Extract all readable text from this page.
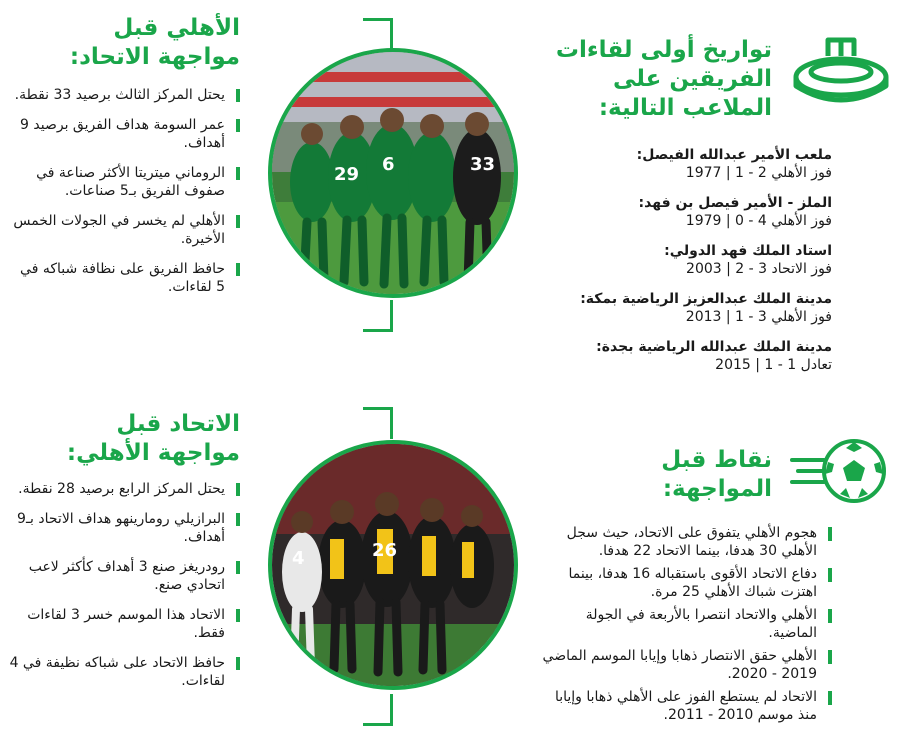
الأهلي قبل
مواجهة الاتحاد:
يحتل المركز الثالث برصيد 33 نقطة.
عمر السومة هداف الفريق برصيد 9 أهداف.
الروماني ميتريتا الأكثر صناعة في صفوف الفريق بـ5 صناعات.
الأهلي لم يخسر في الجولات الخمس الأخيرة.
حافظ الفريق على نظافة شباكه في 5 لقاءات.
6	33
29
تواريخ أولى لقاءات
الفريقين على
الملاعب التالية:
ملعب الأمير عبدالله الفيصل:
فوز الأهلي 2 - 1 | 1977
الملز - الأمير فيصل بن فهد:
فوز الأهلي 4 - 0 | 1979
استاد الملك فهد الدولي:
فوز الاتحاد 3 - 2 | 2003
مدينة الملك عبدالعزيز الرياضية بمكة:
فوز الأهلي 3 - 1 | 2013
مدينة الملك عبدالله الرياضية بجدة:
تعادل 1 - 1 | 2015
الاتحاد قبل
مواجهة الأهلي:
يحتل المركز الرابع برصيد 28 نقطة.
البرازيلي رومارينهو هداف الاتحاد بـ9 أهداف.
رودريغز صنع 3 أهداف كأكثر لاعب اتحادي صنع.
الاتحاد هذا الموسم خسر 3 لقاءات فقط.
حافظ الاتحاد على شباكه نظيفة في 4 لقاءات.
26
4
نقاط قبل
المواجهة:
هجوم الأهلي يتفوق على الاتحاد، حيث سجل الأهلي 30 هدفا، بينما الاتحاد 22 هدفا.
دفاع الاتحاد الأقوى باستقباله 16 هدفا، بينما اهتزت شباك الأهلي 25 مرة.
الأهلي والاتحاد انتصرا بالأربعة في الجولة الماضية.
الأهلي حقق الانتصار ذهابا وإيابا الموسم الماضي 2019 - 2020.
الاتحاد لم يستطع الفوز على الأهلي ذهابا وإيابا منذ موسم 2010 - 2011.
